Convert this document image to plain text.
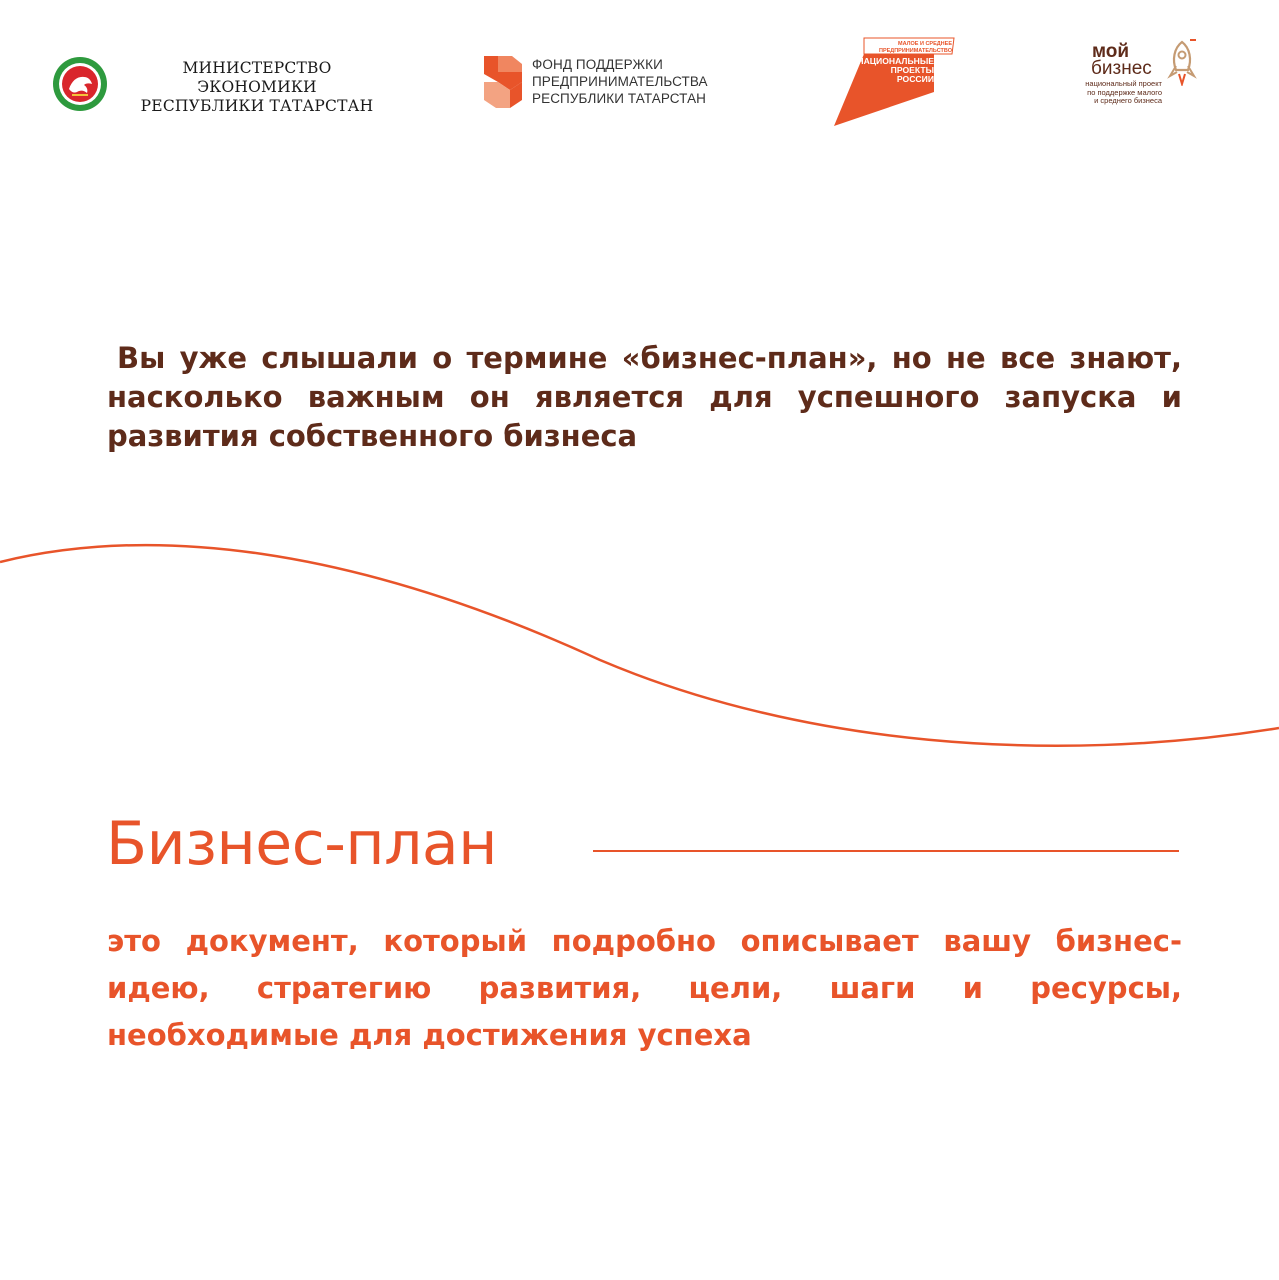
МИНИСТЕРСТВО ЭКОНОМИКИ
РЕСПУБЛИКИ ТАТАРСТАН
ФОНД ПОДДЕРЖКИ
ПРЕДПРИНИМАТЕЛЬСТВА
РЕСПУБЛИКИ ТАТАРСТАН
МАЛОЕ И СРЕДНЕЕ
ПРЕДПРИНИМАТЕЛЬСТВО
НАЦИОНАЛЬНЫЕ
ПРОЕКТЫ
РОССИИ
мой
бизнес
национальный проект
по поддержке малого
и среднего бизнеса

Вы уже слышали о термине «бизнес-план», но не все знают, насколько важным он является для успешного запуска и развития собственного бизнеса

Бизнес-план

это документ, который подробно описывает вашу бизнес-идею, стратегию развития, цели, шаги и ресурсы, необходимые для достижения успеха
